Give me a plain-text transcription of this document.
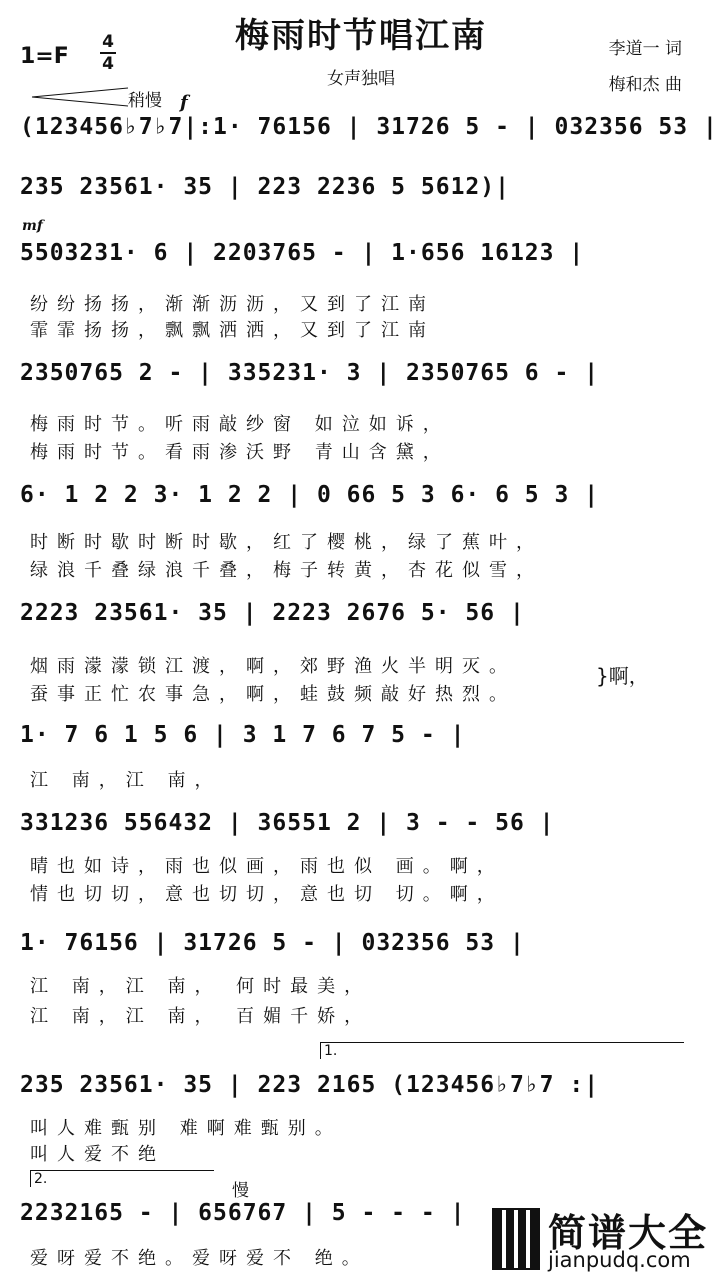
梅雨时节唱江南
女声独唱
1=F
4
4
李道一 词
梅和杰 曲
稍慢 f
(123456♭7♭7|:1· 76156 | 31726 5 - | 032356 53 |
235 23561· 35 | 223 2236 5 5612)|
mf
5503231· 6 | 2203765 - | 1·656 16123 |
纷纷扬扬，渐渐沥沥，又到了江南
霏霏扬扬，飘飘洒洒，又到了江南
2350765 2 - | 335231· 3 | 2350765 6 - |
梅雨时节。听雨敲纱窗 如泣如诉，
梅雨时节。看雨渗沃野 青山含黛，
6· 1 2 2 3· 1 2 2 | 0 66 5 3 6· 6 5 3 |
时断时歇时断时歇，红了樱桃，绿了蕉叶，
绿浪千叠绿浪千叠，梅子转黄，杏花似雪，
2223 23561· 35 | 2223 2676 5· 56 |
烟雨濛濛锁江渡，啊，郊野渔火半明灭。
蚕事正忙农事急，啊，蛙鼓频敲好热烈。
}啊，
1· 7 6 1 5 6 | 3 1 7 6 7 5 - |
江 南，江 南，
331236 556432 | 36551 2 | 3 - - 56 |
晴也如诗，雨也似画，雨也似 画。啊，
情也切切，意也切切，意也切 切。啊，
1· 76156 | 31726 5 - | 032356 53 |
江 南，江 南， 何时最美，
江 南，江 南， 百媚千娇，
1.
235 23561· 35 | 223 2165 (123456♭7♭7 :|
叫人难甄别 难啊难甄别。
叫人爱不绝
2.
慢
2232165 - | 656767 | 5 - - - |
爱呀爱不绝。爱呀爱不 绝。
简谱大全
jianpudq.com
